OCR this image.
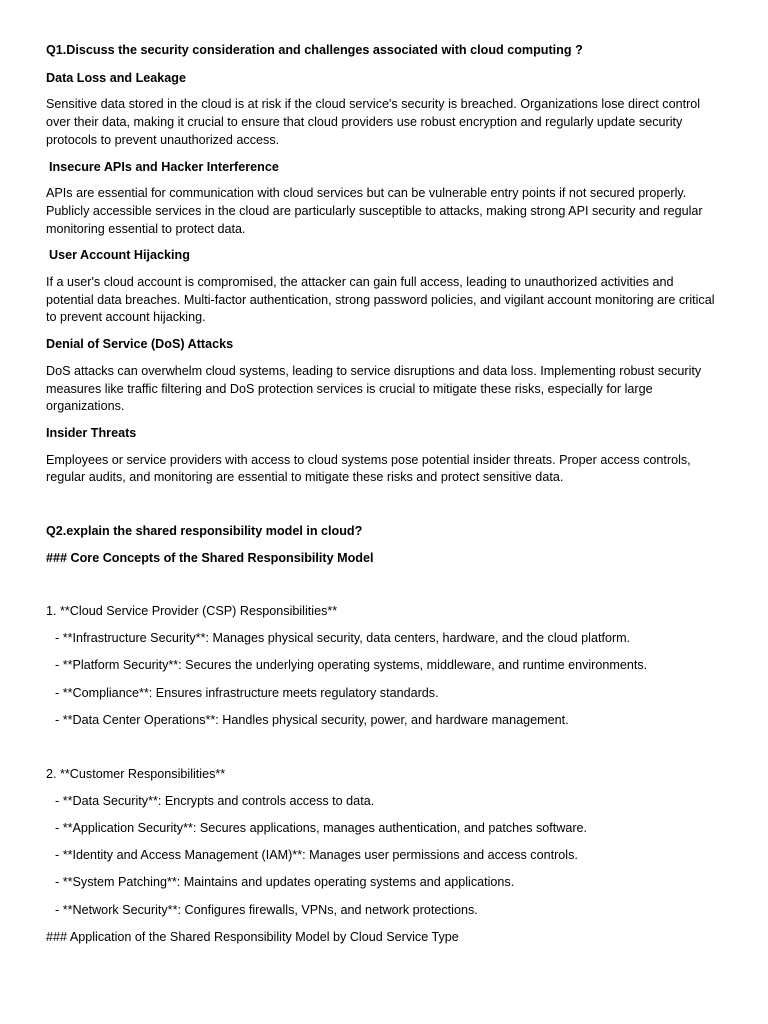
Q1.Discuss the security consideration and challenges associated with cloud computing ?
Data Loss and Leakage
Sensitive data stored in the cloud is at risk if the cloud service's security is breached. Organizations lose direct control over their data, making it crucial to ensure that cloud providers use robust encryption and regularly update security protocols to prevent unauthorized access.
Insecure APIs and Hacker Interference
APIs are essential for communication with cloud services but can be vulnerable entry points if not secured properly. Publicly accessible services in the cloud are particularly susceptible to attacks, making strong API security and regular monitoring essential to protect data.
User Account Hijacking
If a user's cloud account is compromised, the attacker can gain full access, leading to unauthorized activities and potential data breaches. Multi-factor authentication, strong password policies, and vigilant account monitoring are critical to prevent account hijacking.
Denial of Service (DoS) Attacks
DoS attacks can overwhelm cloud systems, leading to service disruptions and data loss. Implementing robust security measures like traffic filtering and DoS protection services is crucial to mitigate these risks, especially for large organizations.
Insider Threats
Employees or service providers with access to cloud systems pose potential insider threats. Proper access controls, regular audits, and monitoring are essential to mitigate these risks and protect sensitive data.
Q2.explain the shared responsibility model in cloud?
### Core Concepts of the Shared Responsibility Model
1. **Cloud Service Provider (CSP) Responsibilities**
- **Infrastructure Security**: Manages physical security, data centers, hardware, and the cloud platform.
- **Platform Security**: Secures the underlying operating systems, middleware, and runtime environments.
- **Compliance**: Ensures infrastructure meets regulatory standards.
- **Data Center Operations**: Handles physical security, power, and hardware management.
2. **Customer Responsibilities**
- **Data Security**: Encrypts and controls access to data.
- **Application Security**: Secures applications, manages authentication, and patches software.
- **Identity and Access Management (IAM)**: Manages user permissions and access controls.
- **System Patching**: Maintains and updates operating systems and applications.
- **Network Security**: Configures firewalls, VPNs, and network protections.
### Application of the Shared Responsibility Model by Cloud Service Type
